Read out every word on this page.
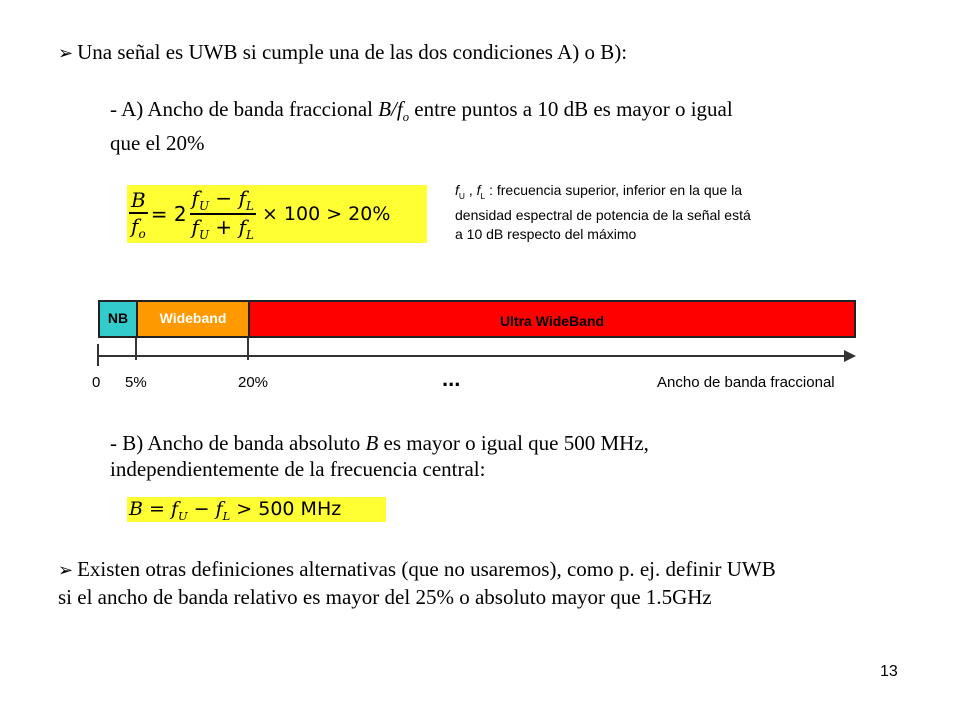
➢ Una señal es UWB si cumple una de las dos condiciones A) o B):
- A) Ancho de banda fraccional $B/f_o$ entre puntos a 10 dB es mayor o igual
que el 20%
$\frac{B}{f_o} = 2 \frac{f_U - f_L}{f_U + f_L} \times 100 > 20\%$
$f_U$ , $f_L$ : frecuencia superior, inferior en la que la
densidad espectral de potencia de la señal está
a 10 dB respecto del máximo
NB Wideband	Ultra WideBand
0 5%	20%	...	Ancho de banda fraccional
- B) Ancho de banda absoluto B es mayor o igual que 500 MHz,
independientemente de la frecuencia central:
$B = f_U - f_L > 500$ MHz
➢ Existen otras definiciones alternativas (que no usaremos), como p. ej. definir UWB
si el ancho de banda relativo es mayor del 25% o absoluto mayor que 1.5GHz
13
